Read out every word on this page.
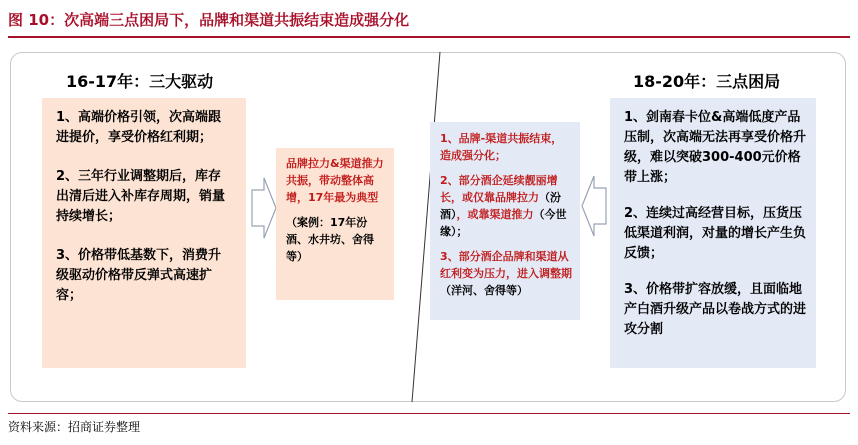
图 10：次高端三点困局下，品牌和渠道共振结束造成强分化
16-17年：三大驱动	18-20年：三点困局
1、高端价格引领，次高端跟进提价，享受价格红利期；
2、三年行业调整期后，库存出清后进入补库存周期，销量持续增长；
3、价格带低基数下，消费升级驱动价格带反弹式高速扩容；

品牌拉力&渠道推力共振，带动整体高增，17年最为典型

（案例：17年汾酒、水井坊、舍得等）

1、品牌-渠道共振结束，造成强分化；

2、部分酒企延续靓丽增长，或仅靠品牌拉力（汾酒），或靠渠道推力（今世缘）；

3、部分酒企品牌和渠道从红利变为压力，进入调整期（洋河、舍得等）

1、剑南春卡位&高端低度产品压制，次高端无法再享受价格升级，难以突破300-400元价格带上涨；
2、连续过高经营目标，压货压低渠道利润，对量的增长产生负反馈；
3、价格带扩容放缓，且面临地产白酒升级产品以卷战方式的进攻分割
资料来源：招商证券整理
